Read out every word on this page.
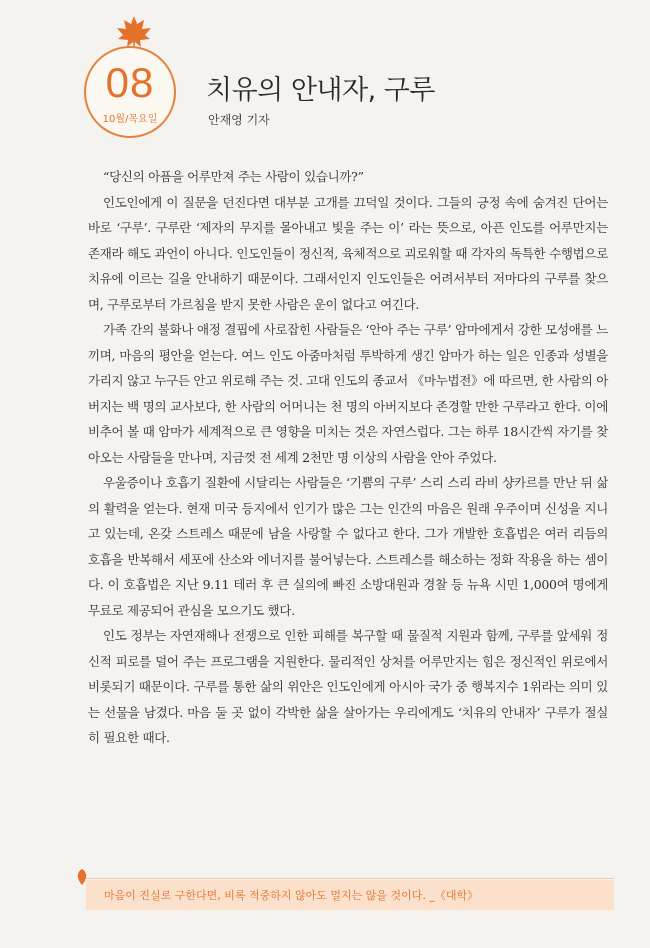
08
10월/목요일
치유의 안내자, 구루
안재영 기자

“당신의 아픔을 어루만져 주는 사람이 있습니까?”

인도인에게 이 질문을 던진다면 대부분 고개를 끄덕일 것이다. 그들의 긍정 속에 숨겨진 단어는 바로 ‘구루’. 구루란 ‘제자의 무지를 몰아내고 빛을 주는 이’ 라는 뜻으로, 아픈 인도를 어루만지는 존재라 해도 과언이 아니다. 인도인들이 정신적, 육체적으로 괴로워할 때 각자의 독특한 수행법으로 치유에 이르는 길을 안내하기 때문이다. 그래서인지 인도인들은 어려서부터 저마다의 구루를 찾으며, 구루로부터 가르침을 받지 못한 사람은 운이 없다고 여긴다.

가족 간의 불화나 애정 결핍에 사로잡힌 사람들은 ‘안아 주는 구루’ 암마에게서 강한 모성애를 느끼며, 마음의 평안을 얻는다. 여느 인도 아줌마처럼 투박하게 생긴 암마가 하는 일은 인종과 성별을 가리지 않고 누구든 안고 위로해 주는 것. 고대 인도의 종교서 《마누법전》에 따르면, 한 사람의 아버지는 백 명의 교사보다, 한 사람의 어머니는 천 명의 아버지보다 존경할 만한 구루라고 한다. 이에 비추어 볼 때 암마가 세계적으로 큰 영향을 미치는 것은 자연스럽다. 그는 하루 18시간씩 자기를 찾아오는 사람들을 만나며, 지금껏 전 세계 2천만 명 이상의 사람을 안아 주었다.

우울증이나 호흡기 질환에 시달리는 사람들은 ‘기쁨의 구루’ 스리 스리 라비 샹카르를 만난 뒤 삶의 활력을 얻는다. 현재 미국 등지에서 인기가 많은 그는 인간의 마음은 원래 우주이며 신성을 지니고 있는데, 온갖 스트레스 때문에 남을 사랑할 수 없다고 한다. 그가 개발한 호흡법은 여러 리듬의 호흡을 반복해서 세포에 산소와 에너지를 불어넣는다. 스트레스를 해소하는 정화 작용을 하는 셈이다. 이 호흡법은 지난 9.11 테러 후 큰 실의에 빠진 소방대원과 경찰 등 뉴욕 시민 1,000여 명에게 무료로 제공되어 관심을 모으기도 했다.

인도 정부는 자연재해나 전쟁으로 인한 피해를 복구할 때 물질적 지원과 함께, 구루를 앞세워 정신적 피로를 덜어 주는 프로그램을 지원한다. 물리적인 상처를 어루만지는 힘은 정신적인 위로에서 비롯되기 때문이다. 구루를 통한 삶의 위안은 인도인에게 아시아 국가 중 행복지수 1위라는 의미 있는 선물을 남겼다. 마음 둘 곳 없이 각박한 삶을 살아가는 우리에게도 ‘치유의 안내자’ 구루가 절실히 필요한 때다.

마음이 진실로 구한다면, 비록 적중하지 않아도 멀지는 않을 것이다. _《대학》
